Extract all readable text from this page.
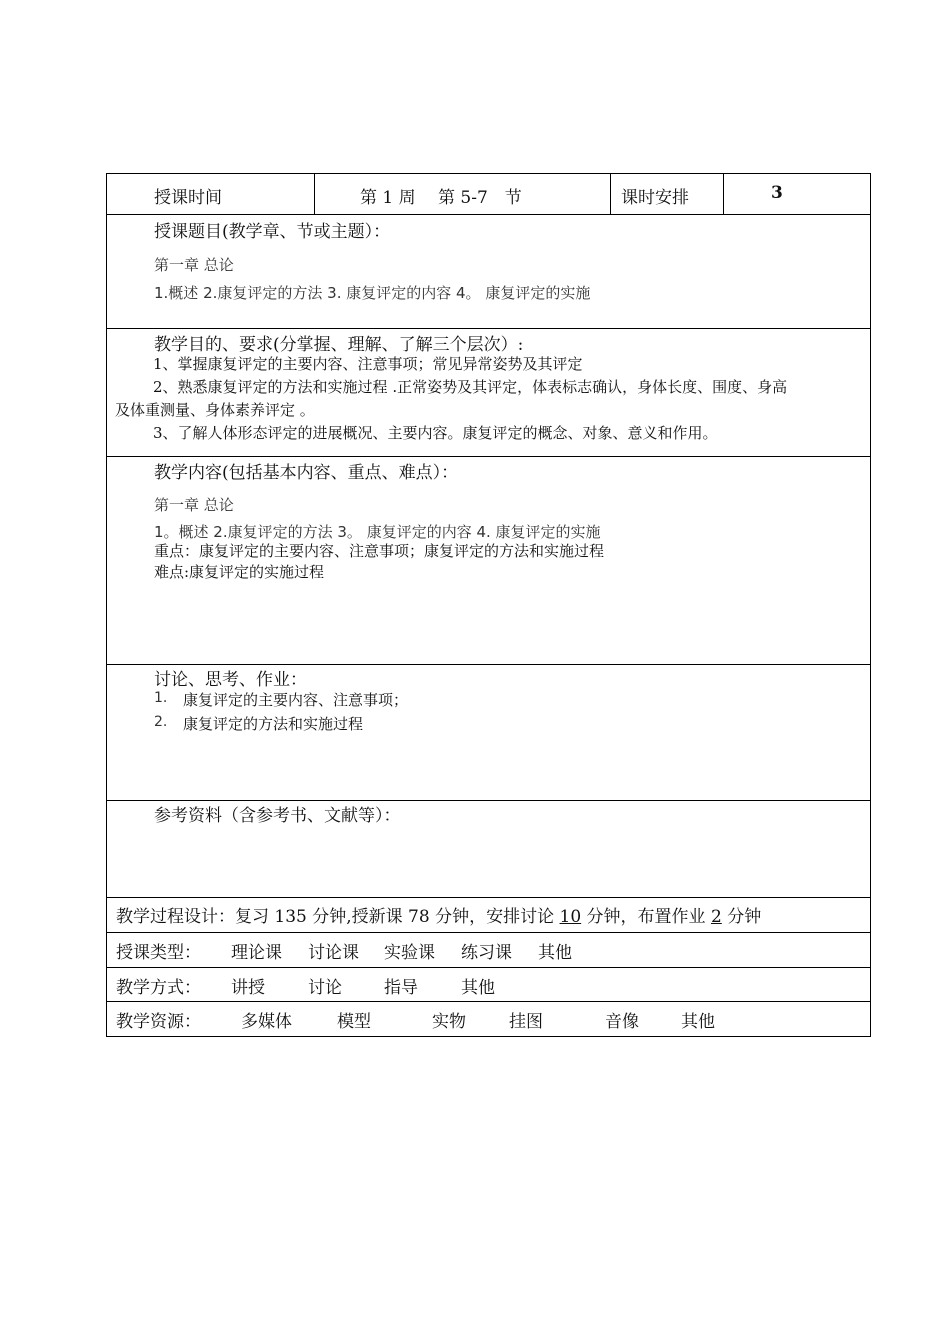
授课时间	第 1 周　 第 5-7　节	课时安排	3
授课题目(教学章、节或主题）：
第一章 总论
1.概述 2.康复评定的方法 3. 康复评定的内容 4。 康复评定的实施
教学目的、要求(分掌握、理解、了解三个层次）:
1、掌握康复评定的主要内容、注意事项；常见异常姿势及其评定
2、熟悉康复评定的方法和实施过程 .正常姿势及其评定，体表标志确认，身体长度、围度、身高
及体重测量、身体素养评定 。
3、了解人体形态评定的进展概况、主要内容。康复评定的概念、对象、意义和作用。
教学内容(包括基本内容、重点、难点）：
第一章 总论
1。概述 2.康复评定的方法 3。 康复评定的内容 4. 康复评定的实施
重点：康复评定的主要内容、注意事项；康复评定的方法和实施过程
难点:康复评定的实施过程
讨论、思考、作业：
1. 康复评定的主要内容、注意事项；
2. 康复评定的方法和实施过程
参考资料（含参考书、文献等）：
教学过程设计：复习 135 分钟,授新课 78 分钟，安排讨论 10 分钟，布置作业 2 分钟
授课类型： 理论课 讨论课 实验课 练习课 其他
教学方式： 讲授	讨论 指导	其他
教学资源： 多媒体	模型	实物	挂图	音像 其他
